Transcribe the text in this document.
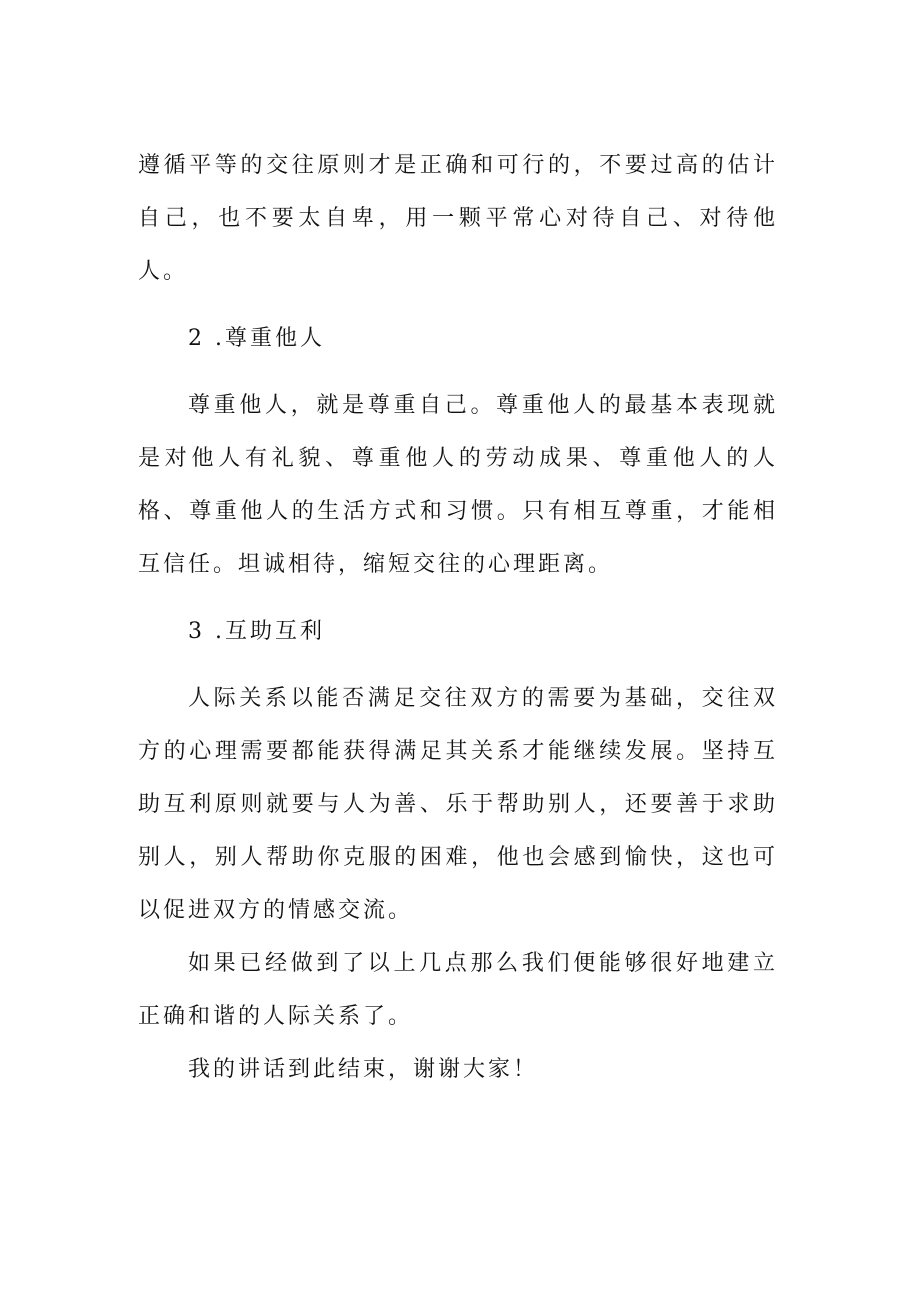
遵循平等的交往原则才是正确和可行的，不要过高的估计自己，也不要太自卑，用一颗平常心对待自己、对待他人。

2 .尊重他人

尊重他人，就是尊重自己。尊重他人的最基本表现就是对他人有礼貌、尊重他人的劳动成果、尊重他人的人格、尊重他人的生活方式和习惯。只有相互尊重，才能相互信任。坦诚相待，缩短交往的心理距离。

3 .互助互利

人际关系以能否满足交往双方的需要为基础，交往双方的心理需要都能获得满足其关系才能继续发展。坚持互助互利原则就要与人为善、乐于帮助别人，还要善于求助别人，别人帮助你克服的困难，他也会感到愉快，这也可以促进双方的情感交流。

如果已经做到了以上几点那么我们便能够很好地建立正确和谐的人际关系了。

我的讲话到此结束，谢谢大家！
